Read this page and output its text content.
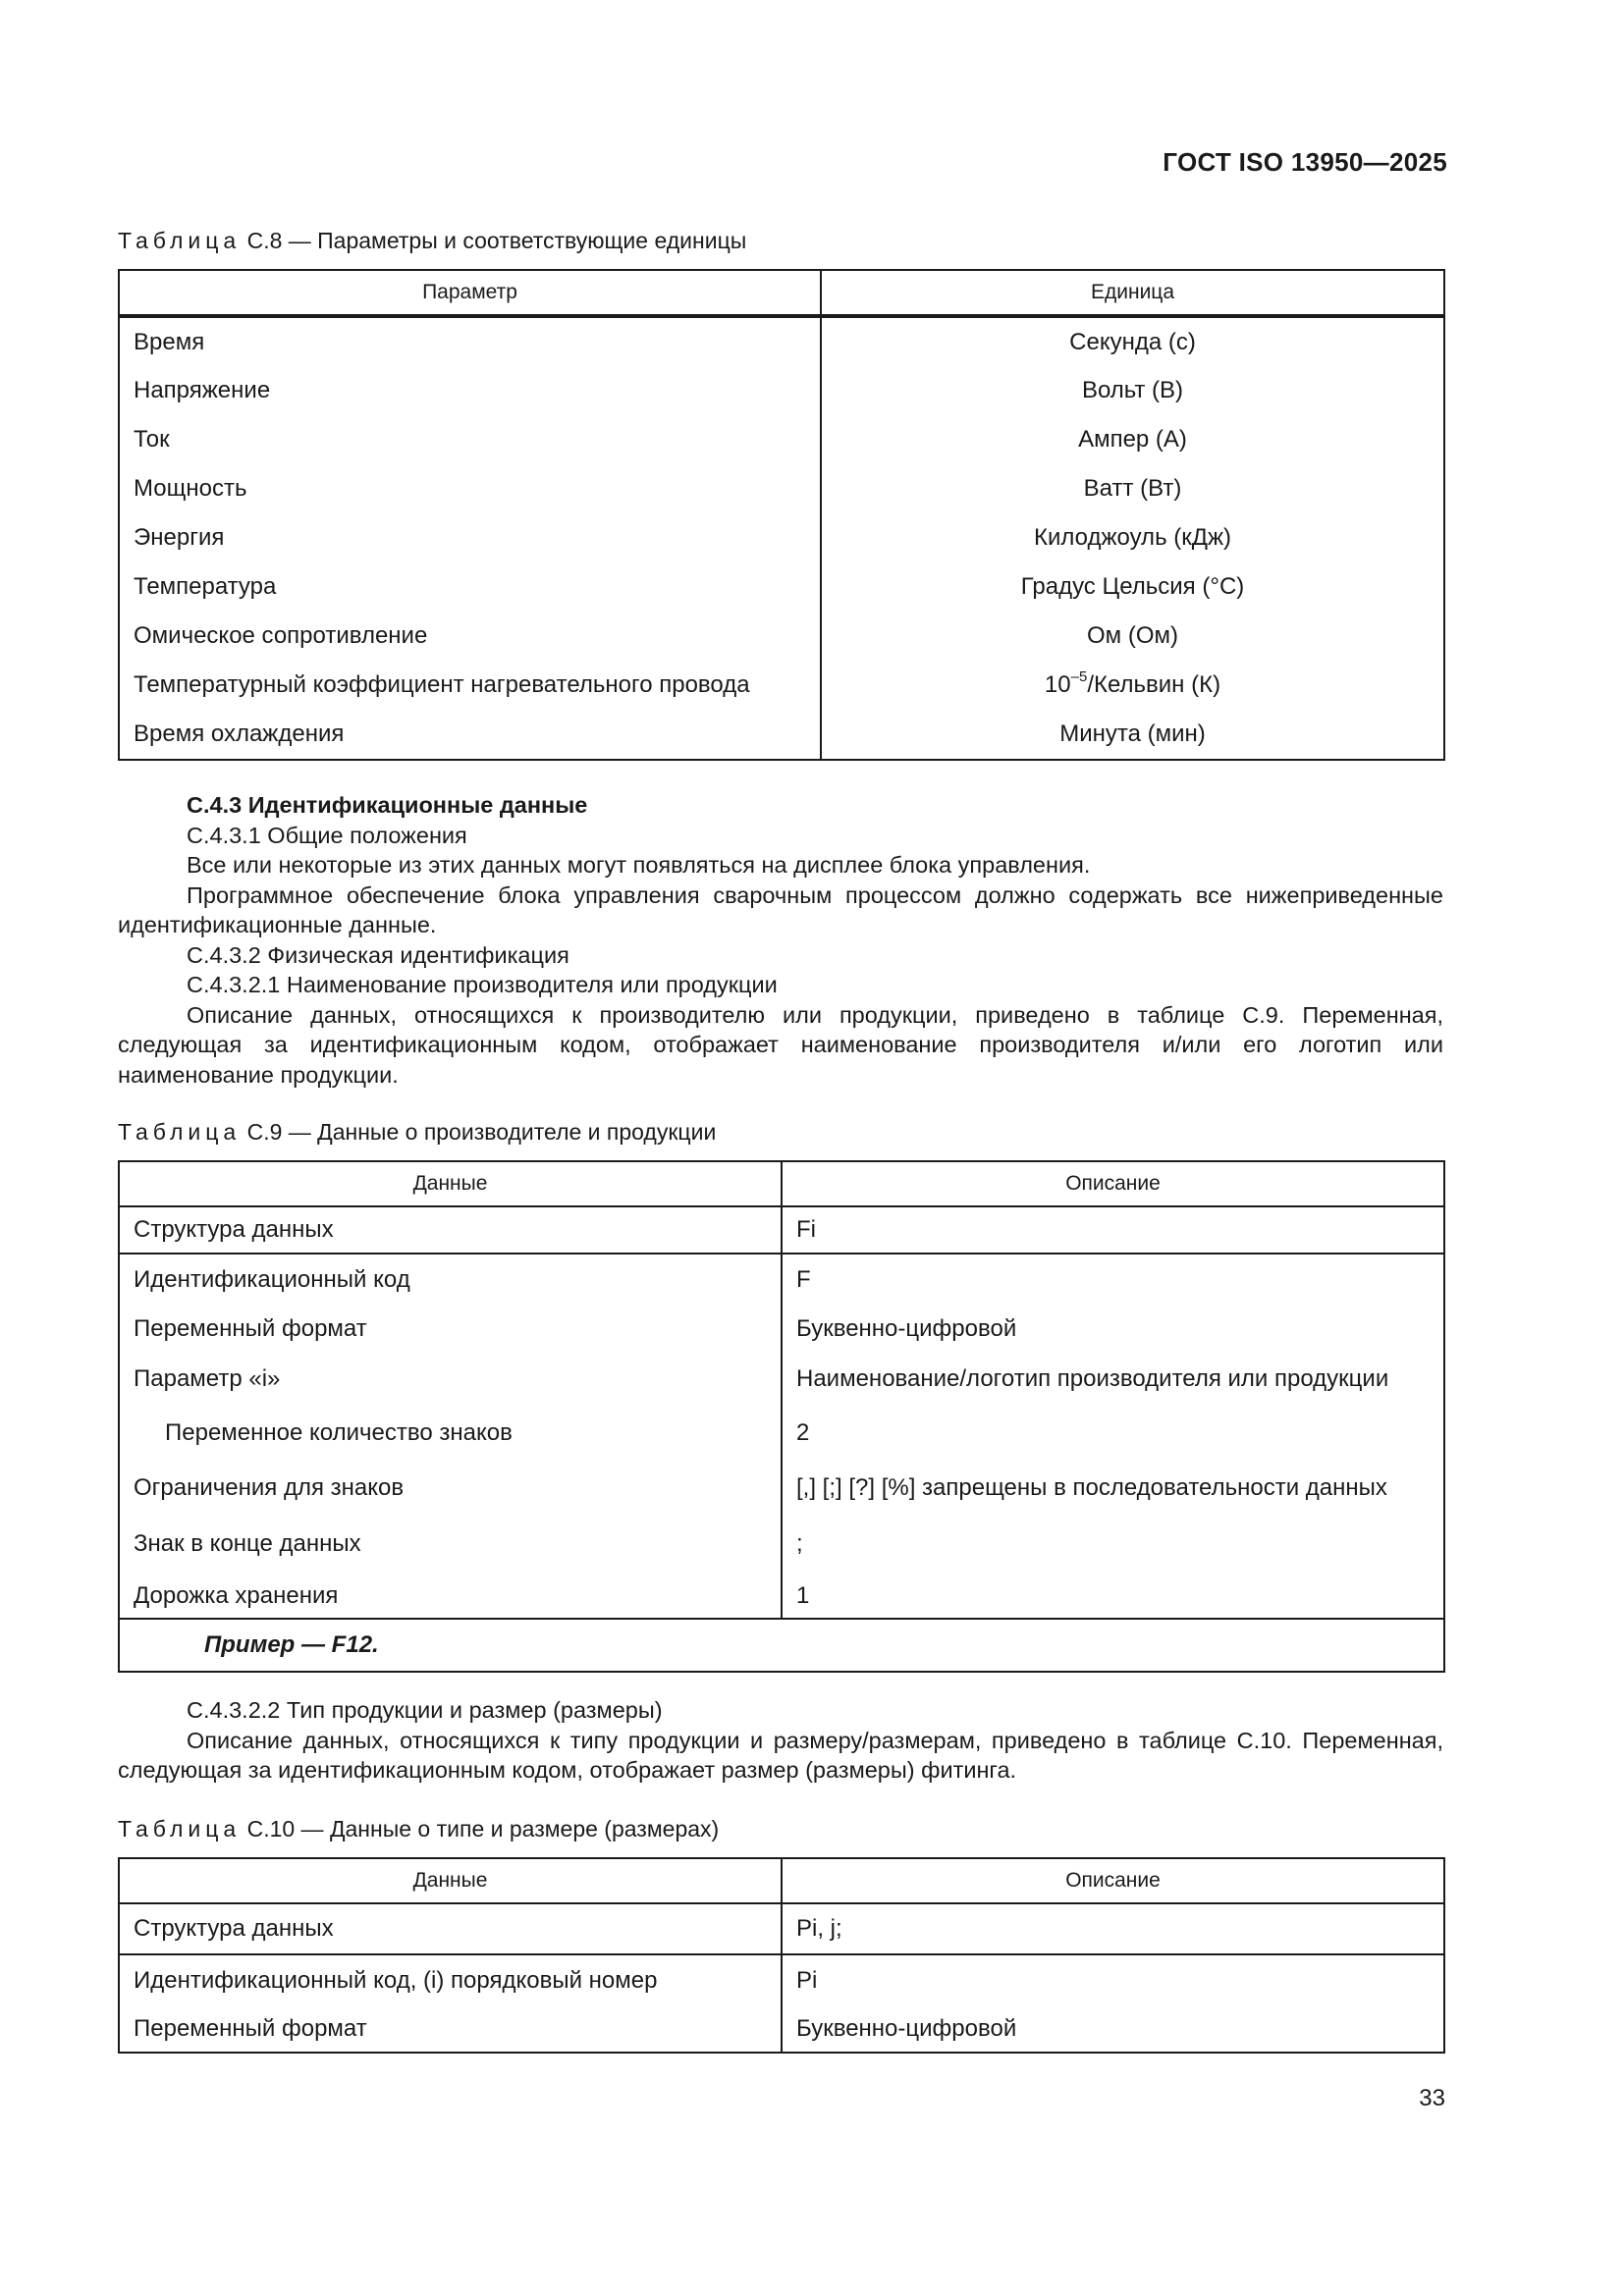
ГОСТ ISO 13950—2025
Таблица С.8 — Параметры и соответствующие единицы
Параметр	Единица
Время	Секунда (с)
Напряжение	Вольт (В)
Ток	Ампер (А)
Мощность	Ватт (Вт)
Энергия	Килоджоуль (кДж)
Температура	Градус Цельсия (°С)
Омическое сопротивление	Ом (Ом)
Температурный коэффициент нагревательного провода	$10^{-5}$/Кельвин (К)
Время охлаждения	Минута (мин)

С.4.3 Идентификационные данные

С.4.3.1 Общие положения

Все или некоторые из этих данных могут появляться на дисплее блока управления.

Программное обеспечение блока управления сварочным процессом должно содержать все нижеприведенные идентификационные данные.

С.4.3.2 Физическая идентификация

С.4.3.2.1 Наименование производителя или продукции

Описание данных, относящихся к производителю или продукции, приведено в таблице С.9. Переменная, следующая за идентификационным кодом, отображает наименование производителя и/или его логотип или наименование продукции.

Таблица С.9 — Данные о производителе и продукции
Данные	Описание
Структура данных	Fi
Идентификационный код	F
Переменный формат	Буквенно-цифровой
Параметр «i»	Наименование/логотип производителя или продукции
Переменное количество знаков	2
Ограничения для знаков	[,] [;] [?] [%] запрещены в последовательности данных
Знак в конце данных	;
Дорожка хранения	1
Пример — F12.	

С.4.3.2.2 Тип продукции и размер (размеры)

Описание данных, относящихся к типу продукции и размеру/размерам, приведено в таблице С.10. Переменная, следующая за идентификационным кодом, отображает размер (размеры) фитинга.

Таблица С.10 — Данные о типе и размере (размерах)
Данные	Описание
Структура данных	Pi, j;
Идентификационный код, (i) порядковый номер	Pi
Переменный формат	Буквенно-цифровой
33
